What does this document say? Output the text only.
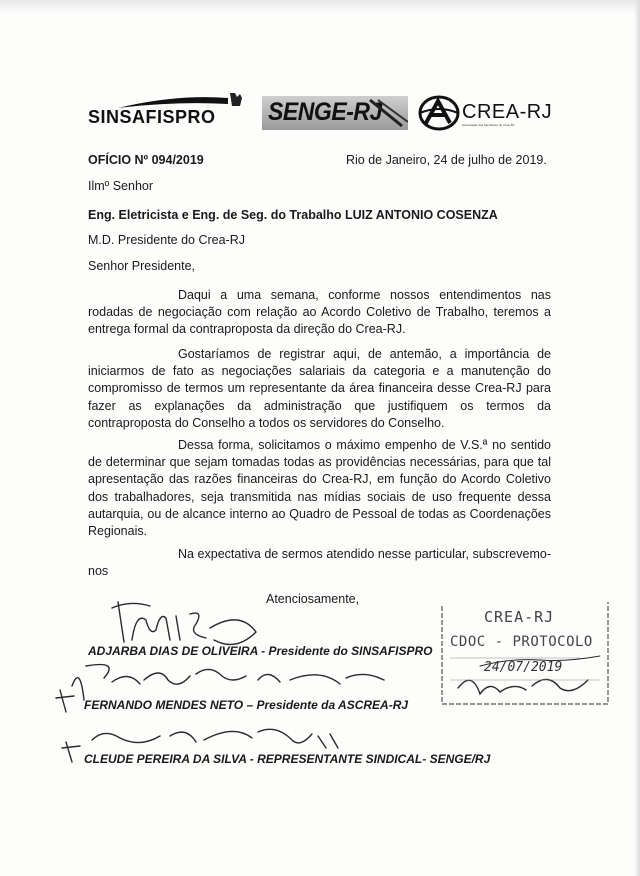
SINSAFISPRO SENGE-RJ	CREA-RJ
Associação dos Servidores do Crea-RJ
OFÍCIO Nº 094/2019	Rio de Janeiro, 24 de julho de 2019.
Ilmº Senhor
Eng. Eletricista e Eng. de Seg. do Trabalho LUIZ ANTONIO COSENZA
M.D. Presidente do Crea-RJ
Senhor Presidente,
Daqui a uma semana, conforme nossos entendimentos nas rodadas de negociação com relação ao Acordo Coletivo de Trabalho, teremos a entrega formal da contraproposta da direção do Crea-RJ.
Gostaríamos de registrar aqui, de antemão, a importância de iniciarmos de fato as negociações salariais da categoria e a manutenção do compromisso de termos um representante da área financeira desse Crea-RJ para fazer as explanações da administração que justifiquem os termos da contraproposta do Conselho a todos os servidores do Conselho.
Dessa forma, solicitamos o máximo empenho de V.S.ª no sentido de determinar que sejam tomadas todas as providências necessárias, para que tal apresentação das razões financeiras do Crea-RJ, em função do Acordo Coletivo dos trabalhadores, seja transmitida nas mídias sociais de uso frequente dessa autarquia, ou de alcance interno ao Quadro de Pessoal de todas as Coordenações Regionais.
Na expectativa de sermos atendido nesse particular, subscrevemo-nos
Atenciosamente,
ADJARBA DIAS DE OLIVEIRA - Presidente do SINSAFISPRO
FERNANDO MENDES NETO – Presidente da ASCREA-RJ
CLEUDE PEREIRA DA SILVA - REPRESENTANTE SINDICAL- SENGE/RJ
CREA-RJ
CDOC - PROTOCOLO
24/07/2019
